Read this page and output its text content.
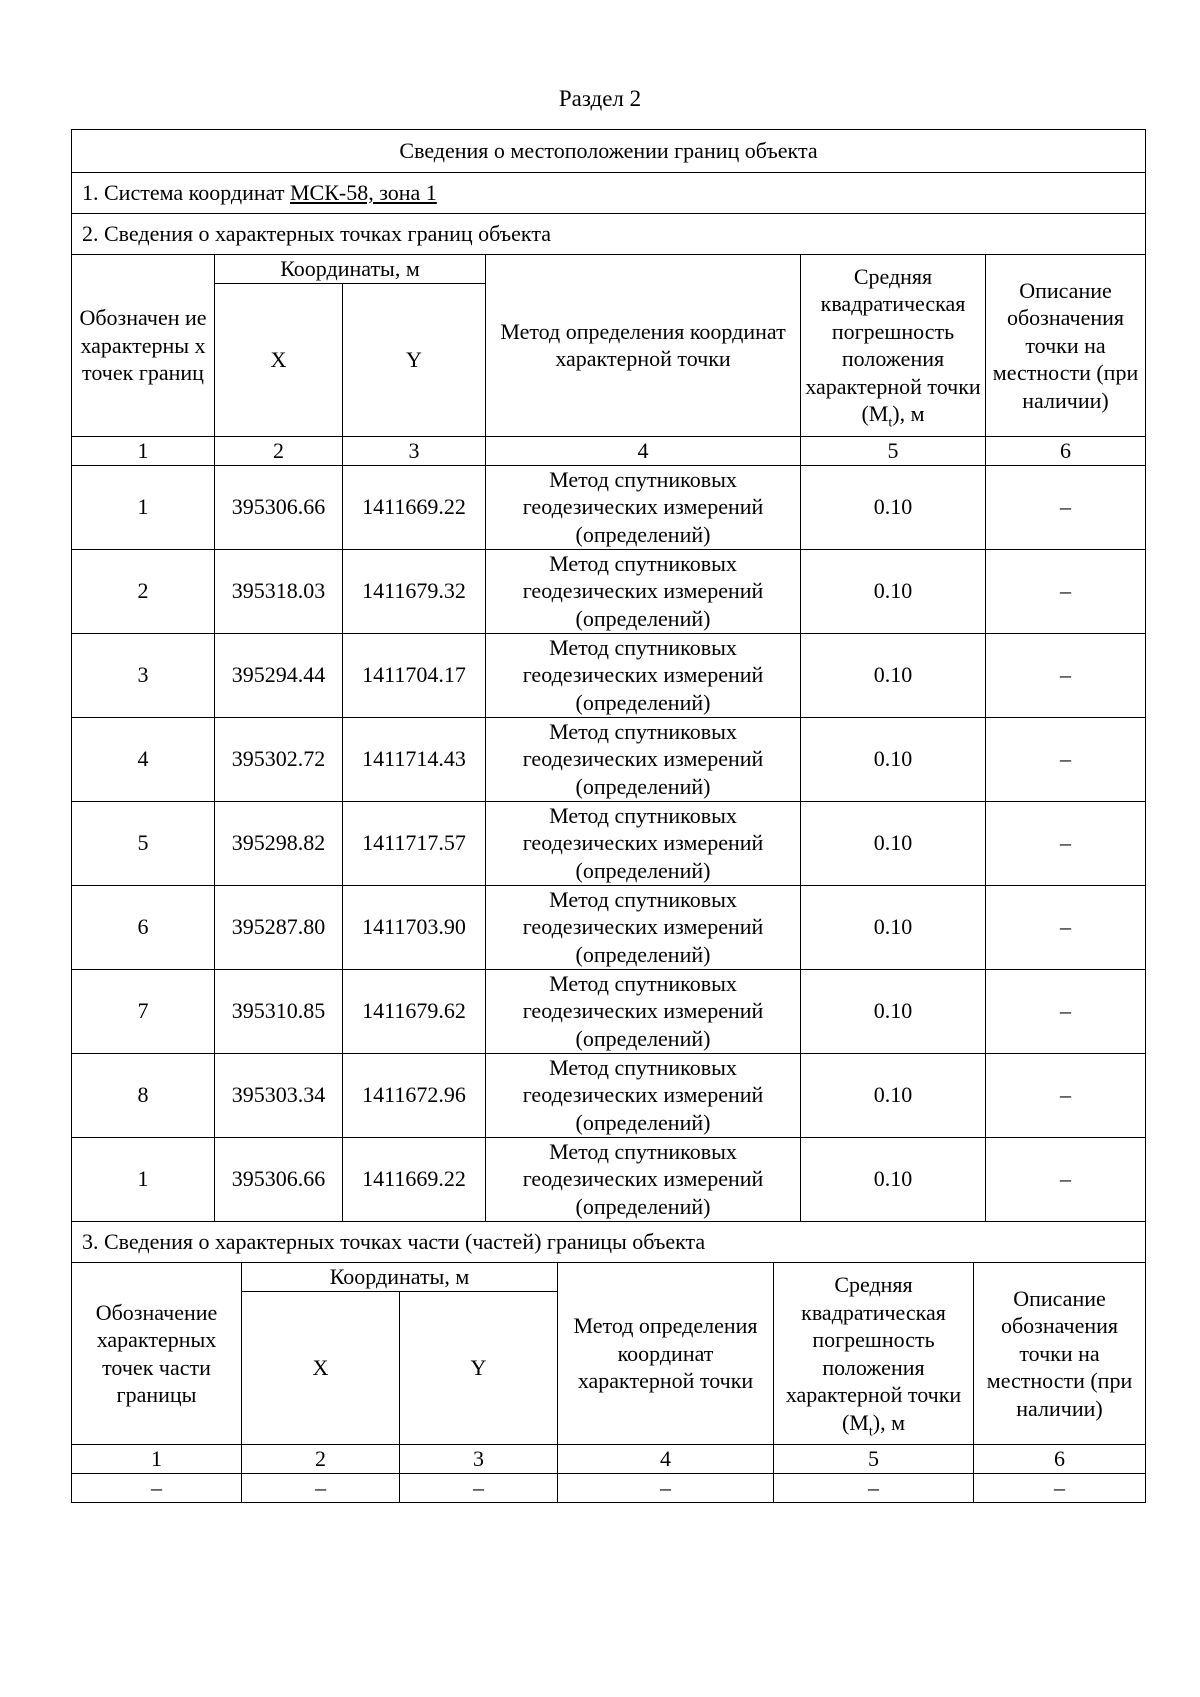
Раздел 2
Сведения о местоположении границ объекта					
1. Система координат МСК-58, зона 1					
2. Сведения о характерных точках границ объекта					
Обозначен ие характерны х точек границ	Координаты, м		Метод определения координат характерной точки	Средняя квадратическая погрешность положения характерной точки $(M_t)$, м	Описание обозначения точки на местности (при наличии)
	X	Y			
1	2	3	4	5	6
1	395306.66	1411669.22	Метод спутниковых геодезических измерений (определений)	0.10	–
2	395318.03	1411679.32	Метод спутниковых геодезических измерений (определений)	0.10	–
3	395294.44	1411704.17	Метод спутниковых геодезических измерений (определений)	0.10	–
4	395302.72	1411714.43	Метод спутниковых геодезических измерений (определений)	0.10	–
5	395298.82	1411717.57	Метод спутниковых геодезических измерений (определений)	0.10	–
6	395287.80	1411703.90	Метод спутниковых геодезических измерений (определений)	0.10	–
7	395310.85	1411679.62	Метод спутниковых геодезических измерений (определений)	0.10	–
8	395303.34	1411672.96	Метод спутниковых геодезических измерений (определений)	0.10	–
1	395306.66	1411669.22	Метод спутниковых геодезических измерений (определений)	0.10	–
3. Сведения о характерных точках части (частей) границы объекта					
Обозначение характерных точек части границы	Координаты, м		Метод определения координат характерной точки	Средняя квадратическая погрешность положения характерной точки $(M_t)$, м	Описание обозначения точки на местности (при наличии)
	X	Y			
1	2	3	4	5	6
–	–	–	–	–	–
